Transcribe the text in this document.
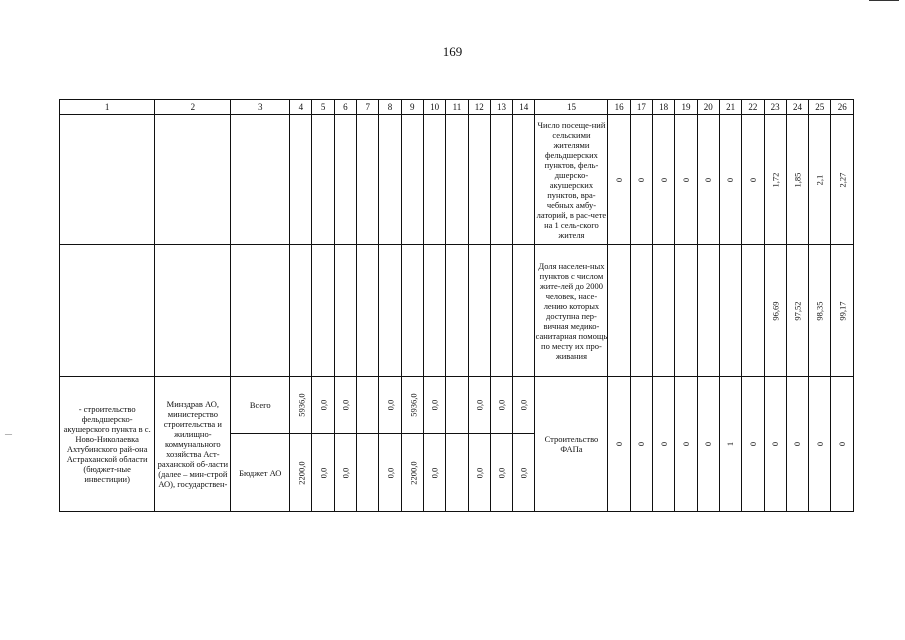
169
—
1	2	3	4	5	6	7	8	9	10	11	12	13	14	15	16	17	18	19	20	21	22	23	24	25	26
														Число посеще-ний сельскими жителями фельдшерских пунктов, фель-дшерско-акушерских пунктов, вра-чебных амбу-латорий, в рас-чете на 1 сель-ского жителя	0	0	0	0	0	0	0	1,72	1,85	2,1	2,27
														Доля населен-ных пунктов с числом жите-лей до 2000 человек, насе-лению которых доступна пер-вичная медико-санитарная помощь по месту их про-живания								96,69	97,52	98,35	99,17
- строительство фельдшерско-акушерского пункта в с. Ново-Николаевка Ахтубинского рай-она Астраханской области (бюджет-ные инвестиции)	Минздрав АО, министерство строительства и жилищно-коммунального хозяйства Аст-раханской об-ласти (далее – мин-строй АО), государствен-	Всего	5936,0	0,0	0,0		0,0	5936,0	0,0		0,0	0,0	0,0	Строительство ФАПа	0	0	0	0	0	1	0	0	0	0	0
		Бюджет АО	2200,0	0,0	0,0		0,0	2200,0	0,0		0,0	0,0	0,0												
